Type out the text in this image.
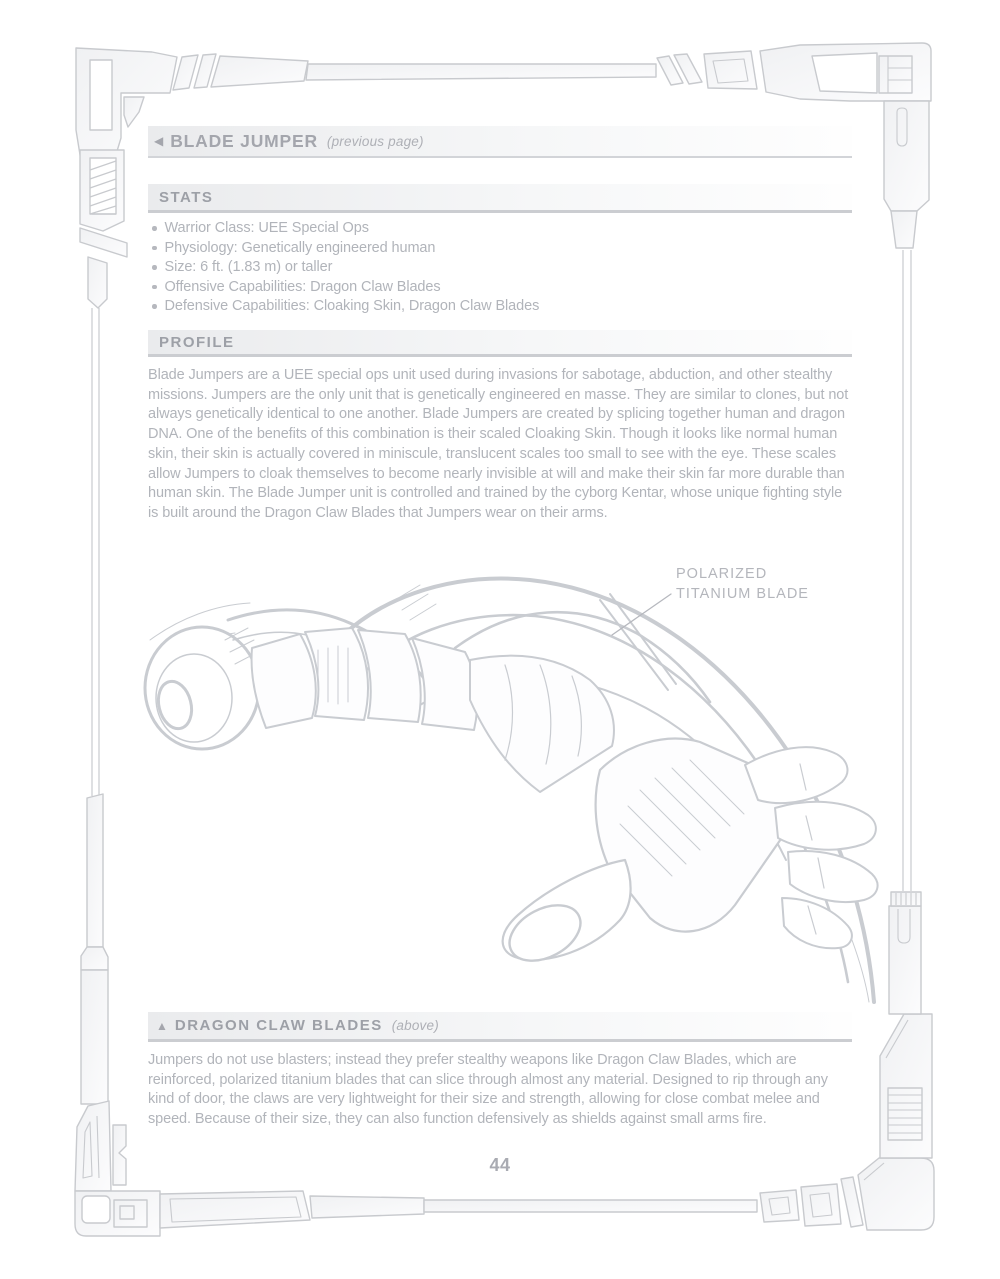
◀ BLADE JUMPER (previous page)
STATS
Warrior Class: UEE Special Ops
Physiology: Genetically engineered human
Size: 6 ft. (1.83 m) or taller
Offensive Capabilities: Dragon Claw Blades
Defensive Capabilities: Cloaking Skin, Dragon Claw Blades
PROFILE
Blade Jumpers are a UEE special ops unit used during invasions for sabotage, abduction, and other stealthy missions. Jumpers are the only unit that is genetically engineered en masse. They are similar to clones, but not always genetically identical to one another. Blade Jumpers are created by splicing together human and dragon DNA. One of the benefits of this combination is their scaled Cloaking Skin. Though it looks like normal human skin, their skin is actually covered in miniscule, translucent scales too small to see with the eye. These scales allow Jumpers to cloak themselves to become nearly invisible at will and make their skin far more durable than human skin. The Blade Jumper unit is controlled and trained by the cyborg Kentar, whose unique fighting style is built around the Dragon Claw Blades that Jumpers wear on their arms.
POLARIZED
TITANIUM BLADE
▲ DRAGON CLAW BLADES (above)
Jumpers do not use blasters; instead they prefer stealthy weapons like Dragon Claw Blades, which are reinforced, polarized titanium blades that can slice through almost any material. Designed to rip through any kind of door, the claws are very lightweight for their size and strength, allowing for close combat melee and speed. Because of their size, they can also function defensively as shields against small arms fire.
44
